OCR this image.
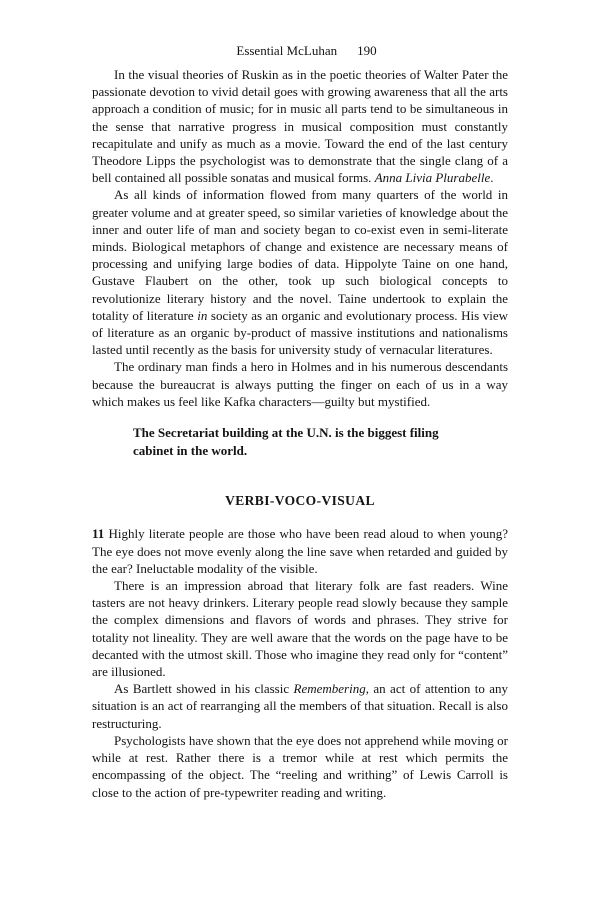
Essential McLuhan 190

In the visual theories of Ruskin as in the poetic theories of Walter Pater the passionate devotion to vivid detail goes with growing awareness that all the arts approach a condition of music; for in music all parts tend to be simultaneous in the sense that narrative progress in musical composition must constantly recapitulate and unify as much as a movie. Toward the end of the last century Theodore Lipps the psychologist was to demonstrate that the single clang of a bell contained all possible sonatas and musical forms. Anna Livia Plurabelle.

As all kinds of information flowed from many quarters of the world in greater volume and at greater speed, so similar varieties of knowledge about the inner and outer life of man and society began to co-exist even in semi-literate minds. Biological metaphors of change and existence are necessary means of processing and unifying large bodies of data. Hippolyte Taine on one hand, Gustave Flaubert on the other, took up such biological concepts to revolutionize literary history and the novel. Taine undertook to explain the totality of literature in society as an organic and evolutionary process. His view of literature as an organic by-product of massive institutions and nationalisms lasted until recently as the basis for university study of vernacular literatures.

The ordinary man finds a hero in Holmes and in his numerous descendants because the bureaucrat is always putting the finger on each of us in a way which makes us feel like Kafka characters—guilty but mystified.

The Secretariat building at the U.N. is the biggest filing cabinet in the world.
VERBI-VOCO-VISUAL

11 Highly literate people are those who have been read aloud to when young? The eye does not move evenly along the line save when retarded and guided by the ear? Ineluctable modality of the visible.

There is an impression abroad that literary folk are fast readers. Wine tasters are not heavy drinkers. Literary people read slowly because they sample the complex dimensions and flavors of words and phrases. They strive for totality not lineality. They are well aware that the words on the page have to be decanted with the utmost skill. Those who imagine they read only for “content” are illusioned.

As Bartlett showed in his classic Remembering, an act of attention to any situation is an act of rearranging all the members of that situation. Recall is also restructuring.

Psychologists have shown that the eye does not apprehend while moving or while at rest. Rather there is a tremor while at rest which permits the encompassing of the object. The “reeling and writhing” of Lewis Carroll is close to the action of pre-typewriter reading and writing.
